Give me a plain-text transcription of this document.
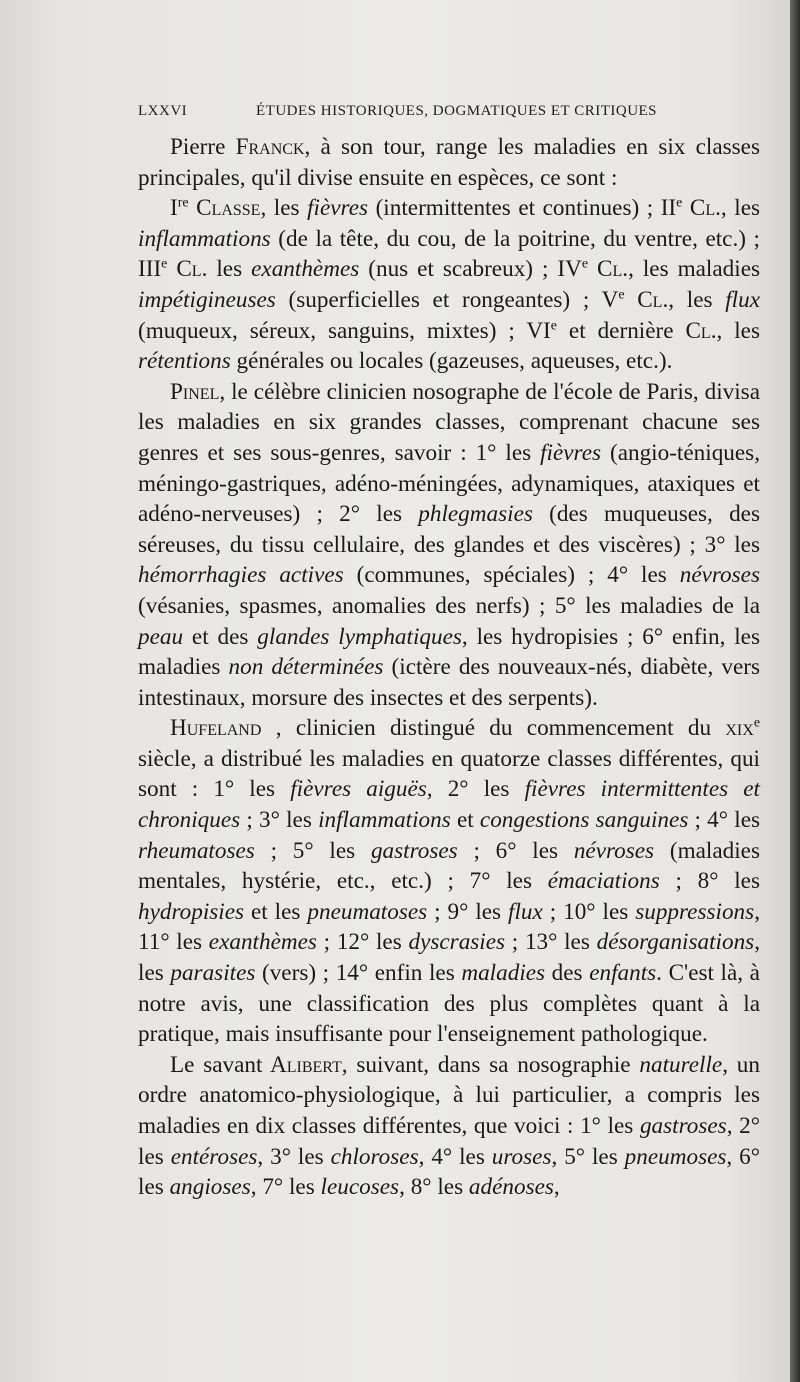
LXXVI	ÉTUDES HISTORIQUES, DOGMATIQUES ET CRITIQUES

Pierre Franck, à son tour, range les maladies en six classes principales, qu'il divise ensuite en espèces, ce sont :

Ire Classe, les fièvres (intermittentes et continues) ; IIe Cl., les inflammations (de la tête, du cou, de la poitrine, du ventre, etc.) ; IIIe Cl. les exanthèmes (nus et scabreux) ; IVe Cl., les maladies impétigineuses (superficielles et rongeantes) ; Ve Cl., les flux (muqueux, séreux, sanguins, mixtes) ; VIe et dernière Cl., les rétentions générales ou locales (gazeuses, aqueuses, etc.).

Pinel, le célèbre clinicien nosographe de l'école de Paris, divisa les maladies en six grandes classes, comprenant chacune ses genres et ses sous-genres, savoir : 1° les fièvres (angio-téniques, méningo-gastriques, adéno-méningées, adynamiques, ataxiques et adéno-nerveuses) ; 2° les phlegmasies (des muqueuses, des séreuses, du tissu cellulaire, des glandes et des viscères) ; 3° les hémorrhagies actives (communes, spéciales) ; 4° les névroses (vésanies, spasmes, anomalies des nerfs) ; 5° les maladies de la peau et des glandes lymphatiques, les hydropisies ; 6° enfin, les maladies non déterminées (ictère des nouveaux-nés, diabète, vers intestinaux, morsure des insectes et des serpents).

Hufeland , clinicien distingué du commencement du xix$^e$ siècle, a distribué les maladies en quatorze classes différentes, qui sont : 1° les fièvres aiguës, 2° les fièvres intermittentes et chroniques ; 3° les inflammations et congestions sanguines ; 4° les rheumatoses ; 5° les gastroses ; 6° les névroses (maladies mentales, hystérie, etc., etc.) ; 7° les émaciations ; 8° les hydropisies et les pneumatoses ; 9° les flux ; 10° les suppressions, 11° les exanthèmes ; 12° les dyscrasies ; 13° les désorganisations, les parasites (vers) ; 14° enfin les maladies des enfants. C'est là, à notre avis, une classification des plus complètes quant à la pratique, mais insuffisante pour l'enseignement pathologique.

Le savant Alibert, suivant, dans sa nosographie naturelle, un ordre anatomico-physiologique, à lui particulier, a compris les maladies en dix classes différentes, que voici : 1° les gastroses, 2° les entéroses, 3° les chloroses, 4° les uroses, 5° les pneumoses, 6° les angioses, 7° les leucoses, 8° les adénoses,
